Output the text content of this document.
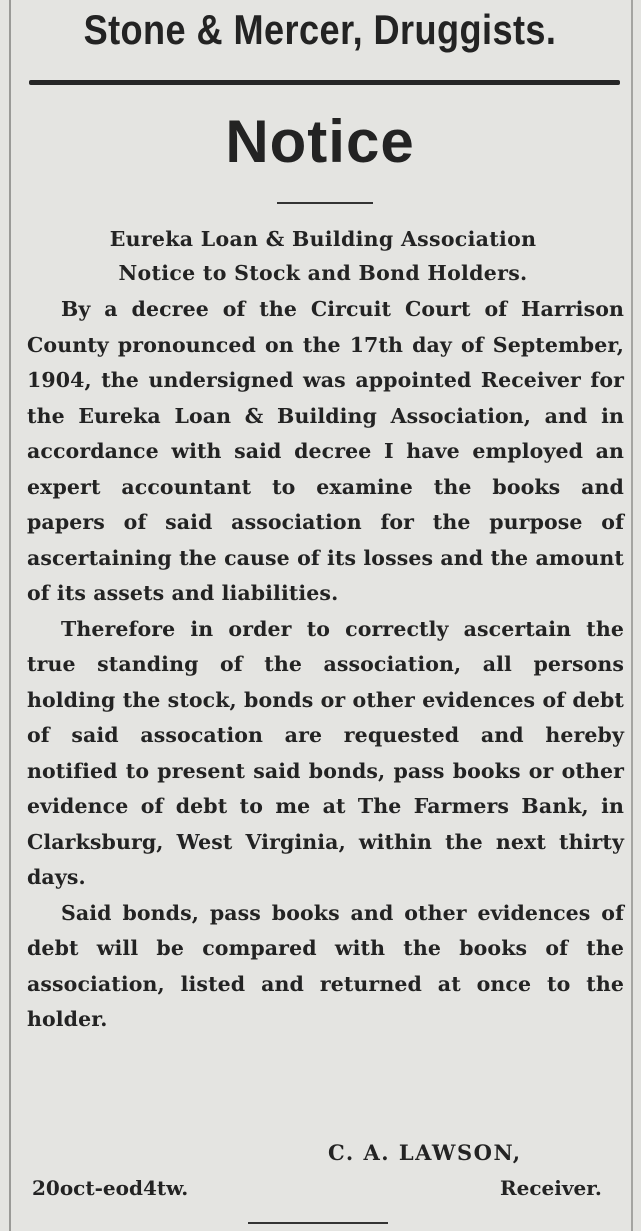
Stone & Mercer, Druggists.
Notice
Eureka Loan & Building Association
Notice to Stock and Bond Holders.

By a decree of the Circuit Court of Harrison County pronounced on the 17th day of September, 1904, the undersigned was appointed Receiver for the Eureka Loan & Building Association, and in accordance with said decree I have employed an expert accountant to examine the books and papers of said association for the purpose of ascertaining the cause of its losses and the amount of its assets and liabilities.

Therefore in order to correctly ascertain the true standing of the association, all persons holding the stock, bonds or other evidences of debt of said assocation are requested and hereby notified to present said bonds, pass books or other evidence of debt to me at The Farmers Bank, in Clarksburg, West Virginia, within the next thirty days.

Said bonds, pass books and other evidences of debt will be compared with the books of the association, listed and returned at once to the holder.

C. A. LAWSON,
20oct-eod4tw.	Receiver.
